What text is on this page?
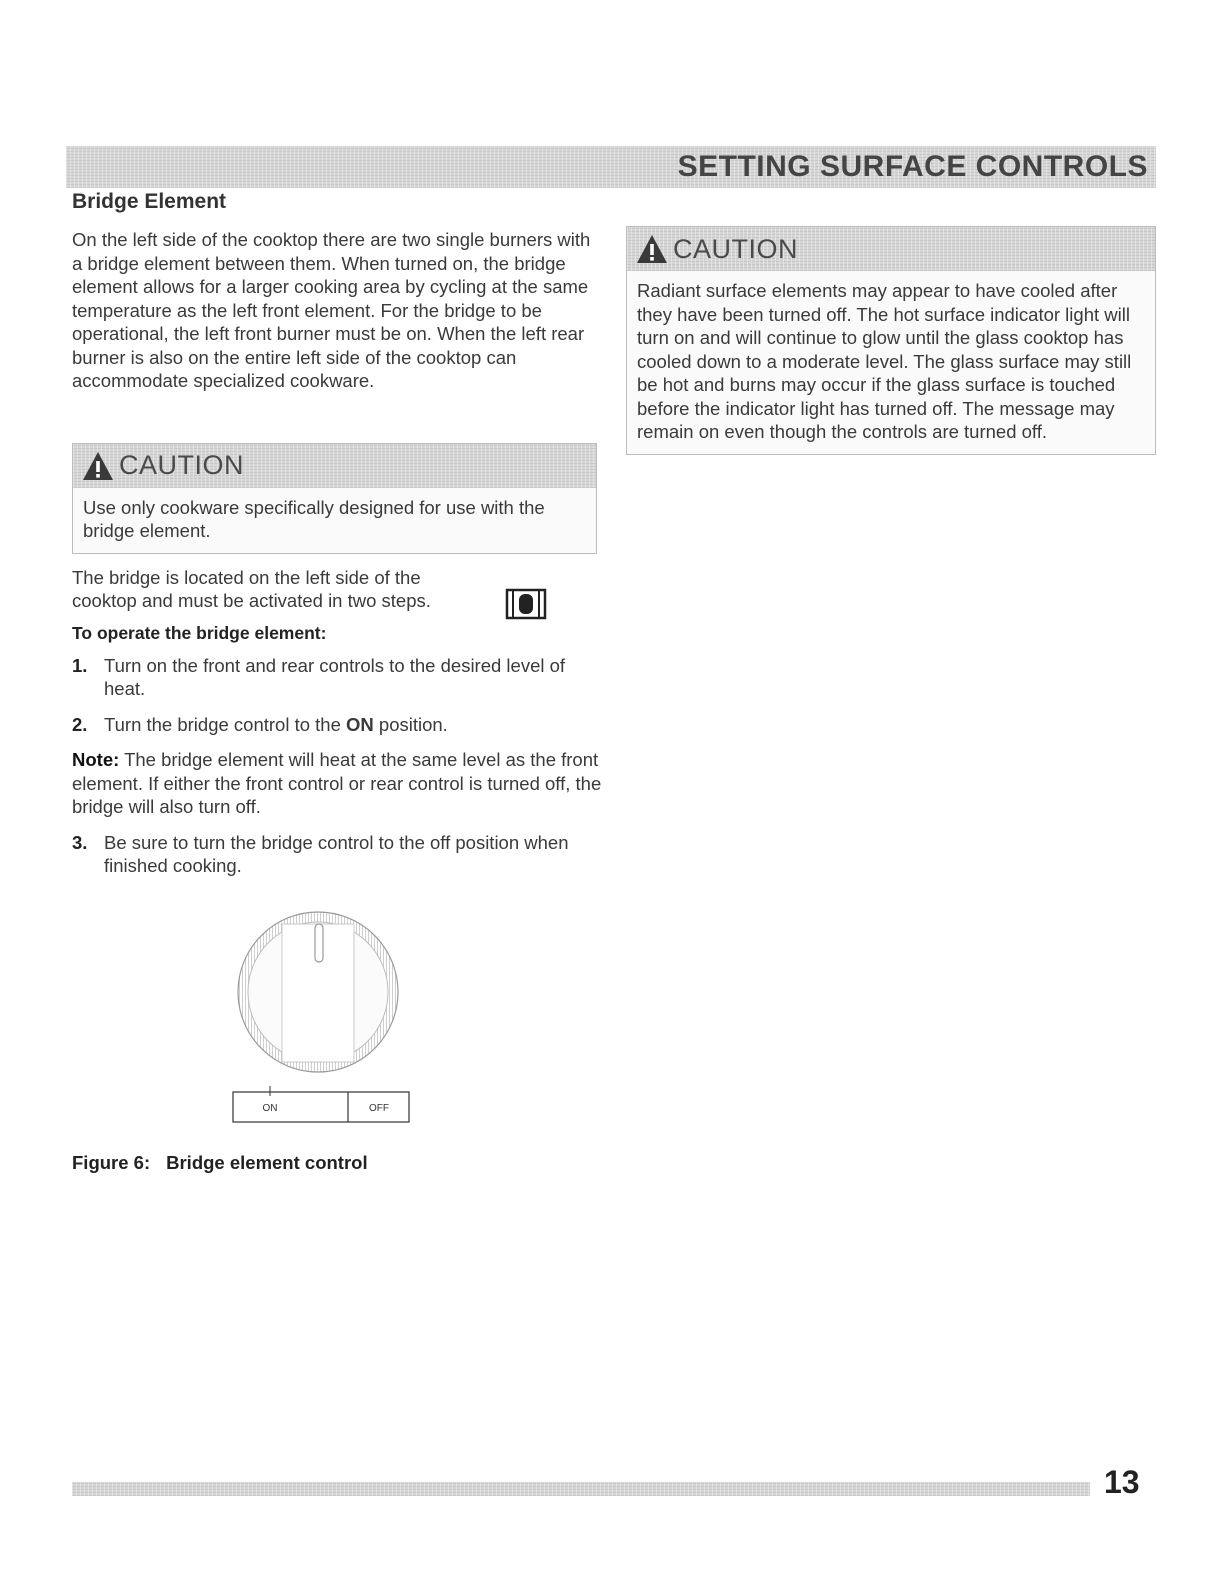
SETTING SURFACE CONTROLS
Bridge Element

On the left side of the cooktop there are two single burners with a bridge element between them. When turned on, the bridge element allows for a larger cooking area by cycling at the same temperature as the left front element. For the bridge to be operational, the left front burner must be on. When the left rear burner is also on the entire left side of the cooktop can accommodate specialized cookware.

CAUTION
Use only cookware specifically designed for use with the bridge element.

The bridge is located on the left side of the cooktop and must be activated in two steps.

To operate the bridge element:
1. Turn on the front and rear controls to the desired level of heat.
2. Turn the bridge control to the ON position.

Note: The bridge element will heat at the same level as the front element. If either the front control or rear control is turned off, the bridge will also turn off.

3. Be sure to turn the bridge control to the off position when finished cooking.
ON	OFF
Figure 6: Bridge element control
CAUTION
Radiant surface elements may appear to have cooled after they have been turned off. The hot surface indicator light will turn on and will continue to glow until the glass cooktop has cooled down to a moderate level. The glass surface may still be hot and burns may occur if the glass surface is touched before the indicator light has turned off. The message may remain on even though the controls are turned off.
13
